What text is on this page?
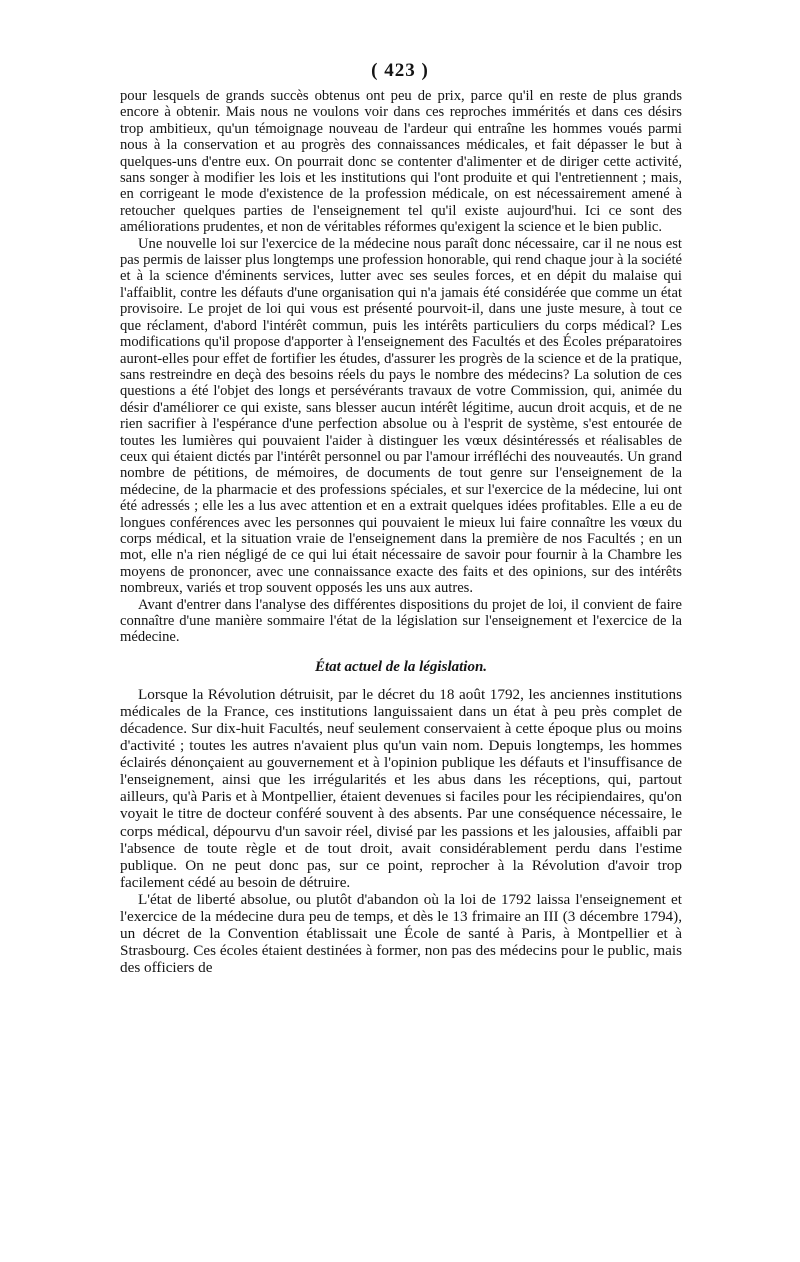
( 423 )

pour lesquels de grands succès obtenus ont peu de prix, parce qu'il en reste de plus grands encore à obtenir. Mais nous ne voulons voir dans ces reproches immérités et dans ces désirs trop ambitieux, qu'un témoignage nouveau de l'ardeur qui entraîne les hommes voués parmi nous à la conservation et au progrès des connaissances médicales, et fait dépasser le but à quelques-uns d'entre eux. On pourrait donc se contenter d'alimenter et de diriger cette activité, sans songer à modifier les lois et les institutions qui l'ont produite et qui l'entretiennent ; mais, en corrigeant le mode d'existence de la profession médicale, on est nécessairement amené à retoucher quelques parties de l'enseignement tel qu'il existe aujourd'hui. Ici ce sont des améliorations prudentes, et non de véritables réformes qu'exigent la science et le bien public.

Une nouvelle loi sur l'exercice de la médecine nous paraît donc nécessaire, car il ne nous est pas permis de laisser plus longtemps une profession honorable, qui rend chaque jour à la société et à la science d'éminents services, lutter avec ses seules forces, et en dépit du malaise qui l'affaiblit, contre les défauts d'une organisation qui n'a jamais été considérée que comme un état provisoire. Le projet de loi qui vous est présenté pourvoit-il, dans une juste mesure, à tout ce que réclament, d'abord l'intérêt commun, puis les intérêts particuliers du corps médical? Les modifications qu'il propose d'apporter à l'enseignement des Facultés et des Écoles préparatoires auront-elles pour effet de fortifier les études, d'assurer les progrès de la science et de la pratique, sans restreindre en deçà des besoins réels du pays le nombre des médecins? La solution de ces questions a été l'objet des longs et persévérants travaux de votre Commission, qui, animée du désir d'améliorer ce qui existe, sans blesser aucun intérêt légitime, aucun droit acquis, et de ne rien sacrifier à l'espérance d'une perfection absolue ou à l'esprit de système, s'est entourée de toutes les lumières qui pouvaient l'aider à distinguer les vœux désintéressés et réalisables de ceux qui étaient dictés par l'intérêt personnel ou par l'amour irréfléchi des nouveautés. Un grand nombre de pétitions, de mémoires, de documents de tout genre sur l'enseignement de la médecine, de la pharmacie et des professions spéciales, et sur l'exercice de la médecine, lui ont été adressés ; elle les a lus avec attention et en a extrait quelques idées profitables. Elle a eu de longues conférences avec les personnes qui pouvaient le mieux lui faire connaître les vœux du corps médical, et la situation vraie de l'enseignement dans la première de nos Facultés ; en un mot, elle n'a rien négligé de ce qui lui était nécessaire de savoir pour fournir à la Chambre les moyens de prononcer, avec une connaissance exacte des faits et des opinions, sur des intérêts nombreux, variés et trop souvent opposés les uns aux autres.

Avant d'entrer dans l'analyse des différentes dispositions du projet de loi, il convient de faire connaître d'une manière sommaire l'état de la législation sur l'enseignement et l'exercice de la médecine.

État actuel de la législation.

Lorsque la Révolution détruisit, par le décret du 18 août 1792, les anciennes institutions médicales de la France, ces institutions languissaient dans un état à peu près complet de décadence. Sur dix-huit Facultés, neuf seulement conservaient à cette époque plus ou moins d'activité ; toutes les autres n'avaient plus qu'un vain nom. Depuis longtemps, les hommes éclairés dénonçaient au gouvernement et à l'opinion publique les défauts et l'insuffisance de l'enseignement, ainsi que les irrégularités et les abus dans les réceptions, qui, partout ailleurs, qu'à Paris et à Montpellier, étaient devenues si faciles pour les récipiendaires, qu'on voyait le titre de docteur conféré souvent à des absents. Par une conséquence nécessaire, le corps médical, dépourvu d'un savoir réel, divisé par les passions et les jalousies, affaibli par l'absence de toute règle et de tout droit, avait considérablement perdu dans l'estime publique. On ne peut donc pas, sur ce point, reprocher à la Révolution d'avoir trop facilement cédé au besoin de détruire.

L'état de liberté absolue, ou plutôt d'abandon où la loi de 1792 laissa l'enseignement et l'exercice de la médecine dura peu de temps, et dès le 13 frimaire an III (3 décembre 1794), un décret de la Convention établissait une École de santé à Paris, à Montpellier et à Strasbourg. Ces écoles étaient destinées à former, non pas des médecins pour le public, mais des officiers de
